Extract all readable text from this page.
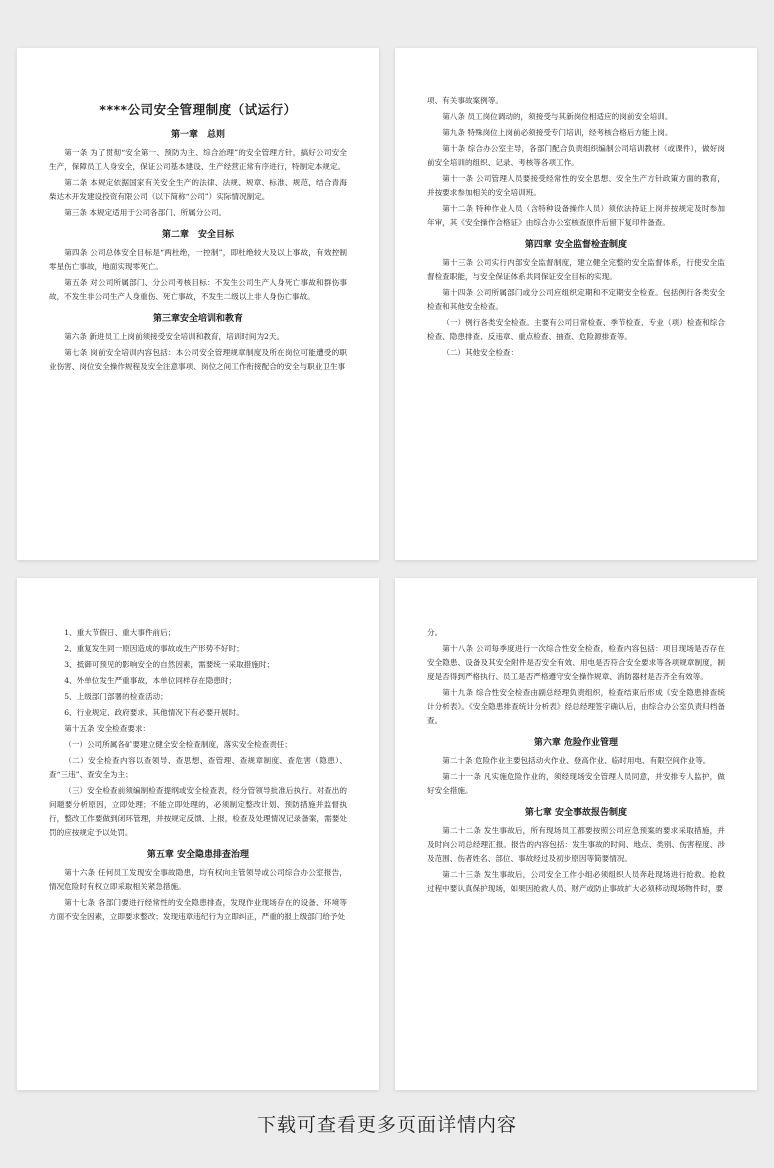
****公司安全管理制度（试运行）
第一章　总则
第一条 为了贯彻“安全第一、预防为主、综合治理”的安全管理方针，搞好公司安全生产，保障员工人身安全，保证公司基本建设、生产经营正常有序进行，特制定本规定。
第二条 本规定依据国家有关安全生产的法律、法规、规章、标准、规范，结合青海柴达木开发建设投资有限公司（以下简称“公司”）实际情况制定。
第三条 本规定适用于公司各部门、所属分公司。
第二章　安全目标
第四条 公司总体安全目标是“两杜绝，一控制”，即杜绝较大及以上事故，有效控制零星伤亡事故，地面实现零死亡。
第五条 对公司所属部门、分公司考核目标：不发生公司生产人身死亡事故和群伤事故，不发生非公司生产人身重伤、死亡事故，不发生二级以上非人身伤亡事故。
第三章安全培训和教育
第六条 新进员工上岗前须接受安全培训和教育，培训时间为2天。
第七条 岗前安全培训内容包括：本公司安全管理规章制度及所在岗位可能遭受的职业伤害、岗位安全操作规程及安全注意事项、岗位之间工作衔接配合的安全与职业卫生事
项、有关事故案例等。
第八条 员工岗位调动的，须接受与其新岗位相适应的岗前安全培训。
第九条 特殊岗位上岗前必须接受专门培训，经考核合格后方能上岗。
第十条 综合办公室主导，各部门配合负责组织编制公司培训教材（或课件），做好岗前安全培训的组织、记录、考核等各项工作。
第十一条 公司管理人员要接受经常性的安全思想、安全生产方针政策方面的教育，并按要求参加相关的安全培训班。
第十二条 特种作业人员（含特种设备操作人员）须依法持证上岗并按规定及时参加年审，其《安全操作合格证》由综合办公室核查原件后留下复印件备查。
第四章 安全监督检查制度
第十三条 公司实行内部安全监督制度，建立健全完整的安全监督体系，行使安全监督检查职能，与安全保证体系共同保证安全目标的实现。
第十四条 公司所属部门或分公司应组织定期和不定期安全检查。包括例行各类安全检查和其他安全检查。
（一）例行各类安全检查。主要有公司日常检查、季节检查、专业（项）检查和综合检查、隐患排查、反违章、重点检查、抽查、危险源排查等。
（二）其他安全检查：
1、重大节假日、重大事件前后；
2、重复发生同一原因造成的事故或生产形势不好时；
3、抵御可预见的影响安全的自然因素，需要统一采取措施时；
4、外单位发生严重事故，本单位同样存在隐患时；
5、上级部门部署的检查活动；
6、行业规定、政府要求、其他情况下有必要开展时。
第十五条 安全检查要求：
（一）公司所属各矿要建立健全安全检查制度，落实安全检查责任；
（二）安全检查内容以查领导、查思想、查管理、查规章制度、查危害（隐患）、查“三违”、查安全为主；
（三）安全检查前须编制检查提纲或安全检查表，经分管领导批准后执行。对查出的问题要分析原因，立即处理；不能立即处理的，必须制定整改计划、预防措施并监督执行，整改工作要做到闭环管理，并按规定反馈、上报，检查及处理情况记录备案，需要处罚的应按规定予以处罚。
第五章 安全隐患排查治理
第十六条 任何员工发现安全事故隐患，均有权向主管领导或公司综合办公室报告，情况危险时有权立即采取相关紧急措施。
第十七条 各部门要进行经常性的安全隐患排查，发现作业现场存在的设备、环境等方面不安全因素，立即要求整改；发现违章违纪行为立即纠正，严重的报上级部门给予处
分。
第十八条 公司每季度进行一次综合性安全检查，检查内容包括：项目现场是否存在安全隐患、设备及其安全附件是否安全有效、用电是否符合安全要求等各项规章制度，制度是否得到严格执行、员工是否严格遵守安全操作规章、消防器材是否齐全有效等。
第十九条 综合性安全检查由副总经理负责组织，检查结束后形成《安全隐患排查统计分析表》。《安全隐患排查统计分析表》经总经理签字确认后，由综合办公室负责归档备查。
第六章 危险作业管理
第二十条 危险作业主要包括动火作业、登高作业、临时用电、有限空间作业等。
第二十一条 凡实施危险作业的，须经现场安全管理人员同意，并安排专人监护，做好安全措施。
第七章 安全事故报告制度
第二十二条 发生事故后，所有现场员工都要按照公司应急预案的要求采取措施，并及时向公司总经理汇报。报告的内容包括：发生事故的时间、地点、类别、伤害程度、涉及范围、伤者姓名、部位、事故经过及初步原因等简要情况。
第二十三条 发生事故后，公司安全工作小组必须组织人员奔赴现场进行抢救。抢救过程中要认真保护现场，如果因抢救人员、财产或防止事故扩大必须移动现场物件时，要
下载可查看更多页面详情内容
